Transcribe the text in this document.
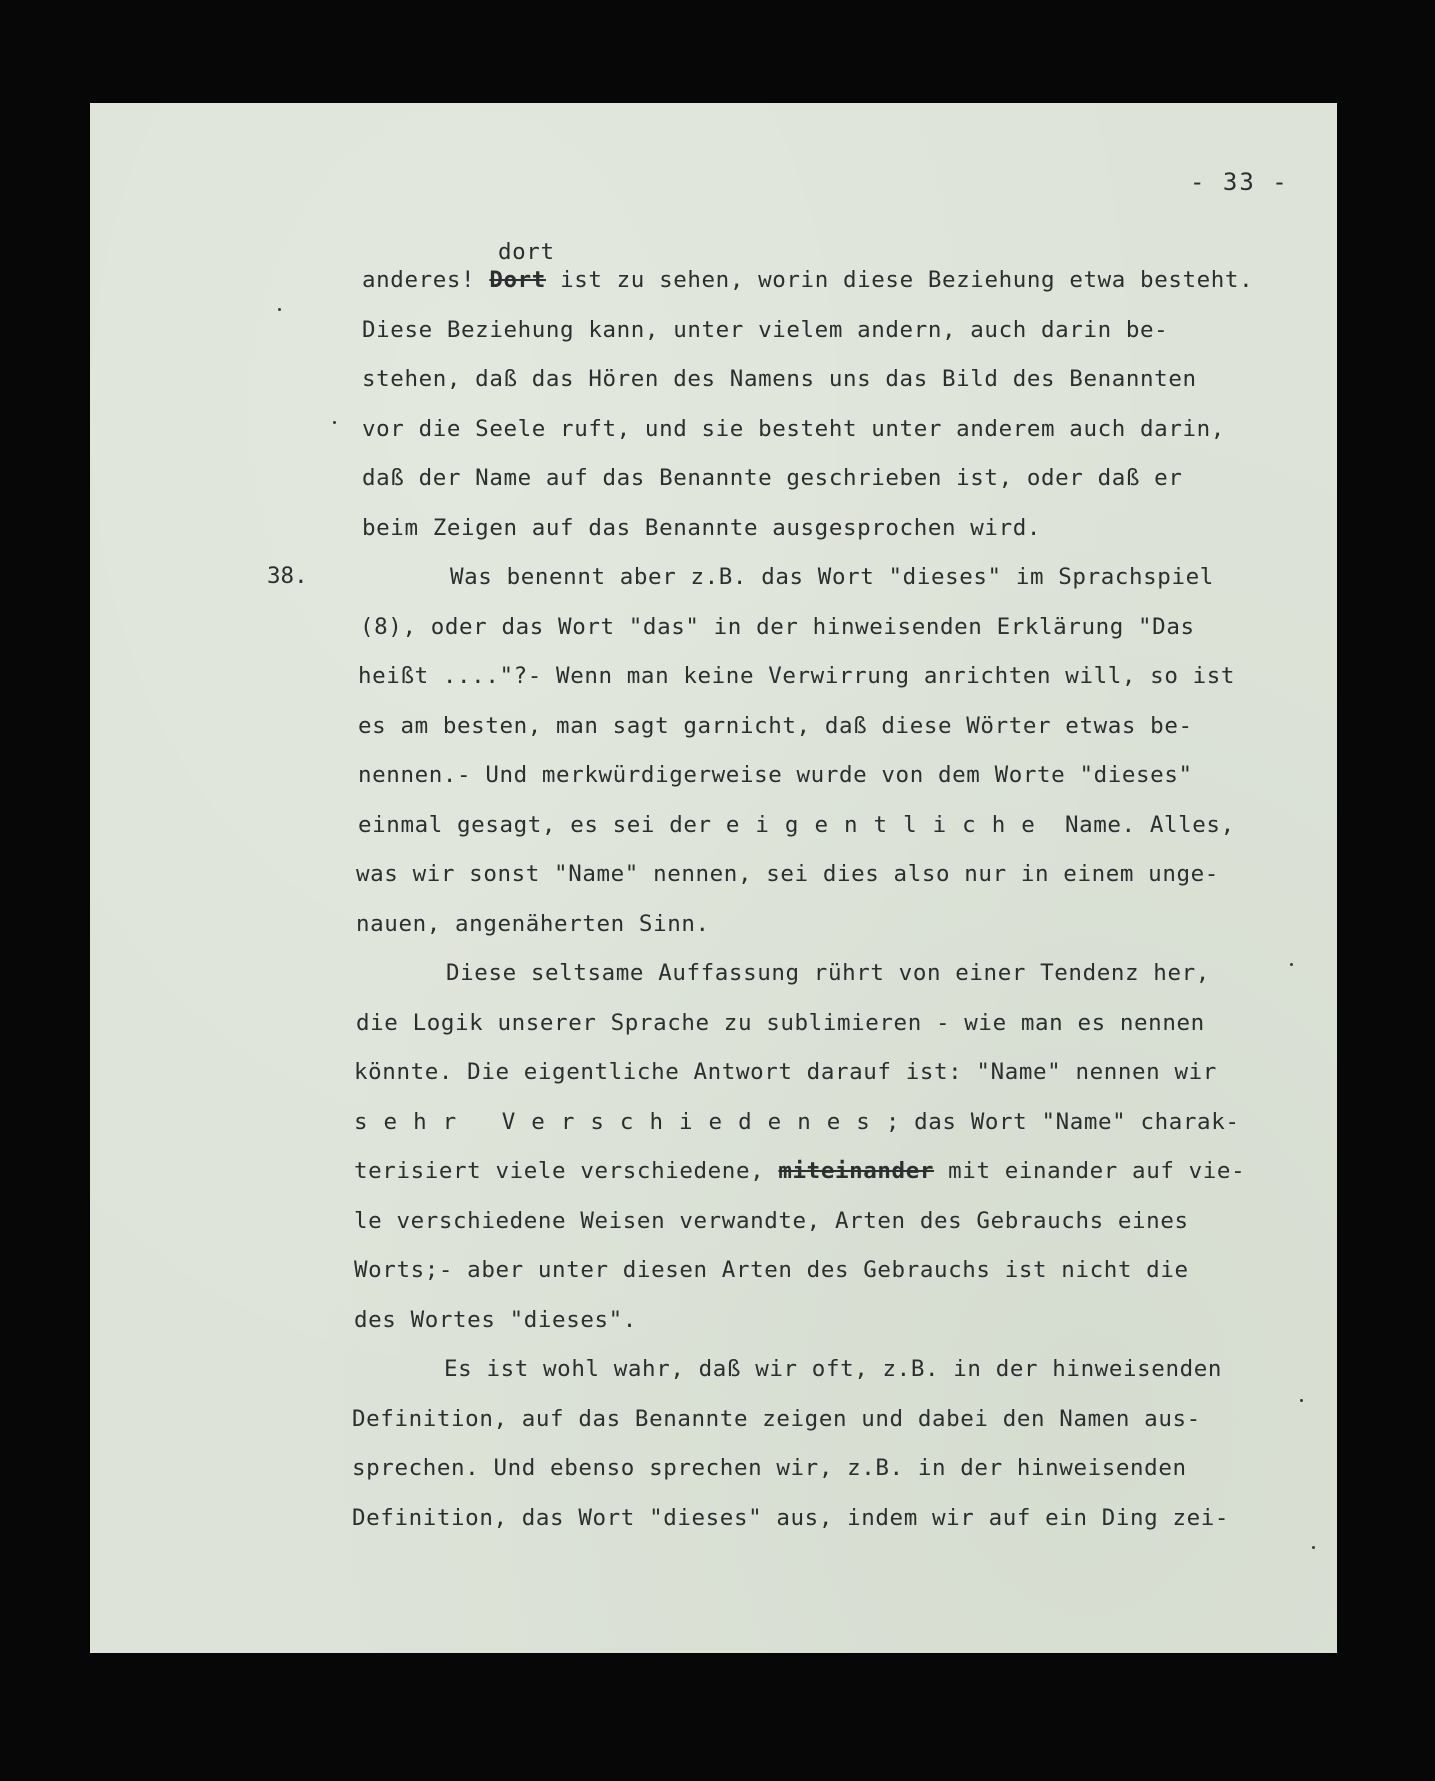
- 33 -
dort
38.
anderes! Dort ist zu sehen, worin diese Beziehung etwa besteht.
Diese Beziehung kann, unter vielem andern, auch darin be-
stehen, daß das Hören des Namens uns das Bild des Benannten
vor die Seele ruft, und sie besteht unter anderem auch darin,
daß der Name auf das Benannte geschrieben ist, oder daß er
beim Zeigen auf das Benannte ausgesprochen wird.
Was benennt aber z.B. das Wort "dieses" im Sprachspiel
(8), oder das Wort "das" in der hinweisenden Erklärung "Das
heißt ...."?- Wenn man keine Verwirrung anrichten will, so ist
es am besten, man sagt garnicht, daß diese Wörter etwas be-
nennen.- Und merkwürdigerweise wurde von dem Worte "dieses"
einmal gesagt, es sei der eigentliche Name. Alles,
was wir sonst "Name" nennen, sei dies also nur in einem unge-
nauen, angenäherten Sinn.
Diese seltsame Auffassung rührt von einer Tendenz her,
die Logik unserer Sprache zu sublimieren - wie man es nennen
könnte. Die eigentliche Antwort darauf ist: "Name" nennen wir
sehr Verschiedenes; das Wort "Name" charak-
terisiert viele verschiedene, miteinander mit einander auf vie-
le verschiedene Weisen verwandte, Arten des Gebrauchs eines
Worts;- aber unter diesen Arten des Gebrauchs ist nicht die
des Wortes "dieses".
Es ist wohl wahr, daß wir oft, z.B. in der hinweisenden
Definition, auf das Benannte zeigen und dabei den Namen aus-
sprechen. Und ebenso sprechen wir, z.B. in der hinweisenden
Definition, das Wort "dieses" aus, indem wir auf ein Ding zei-
